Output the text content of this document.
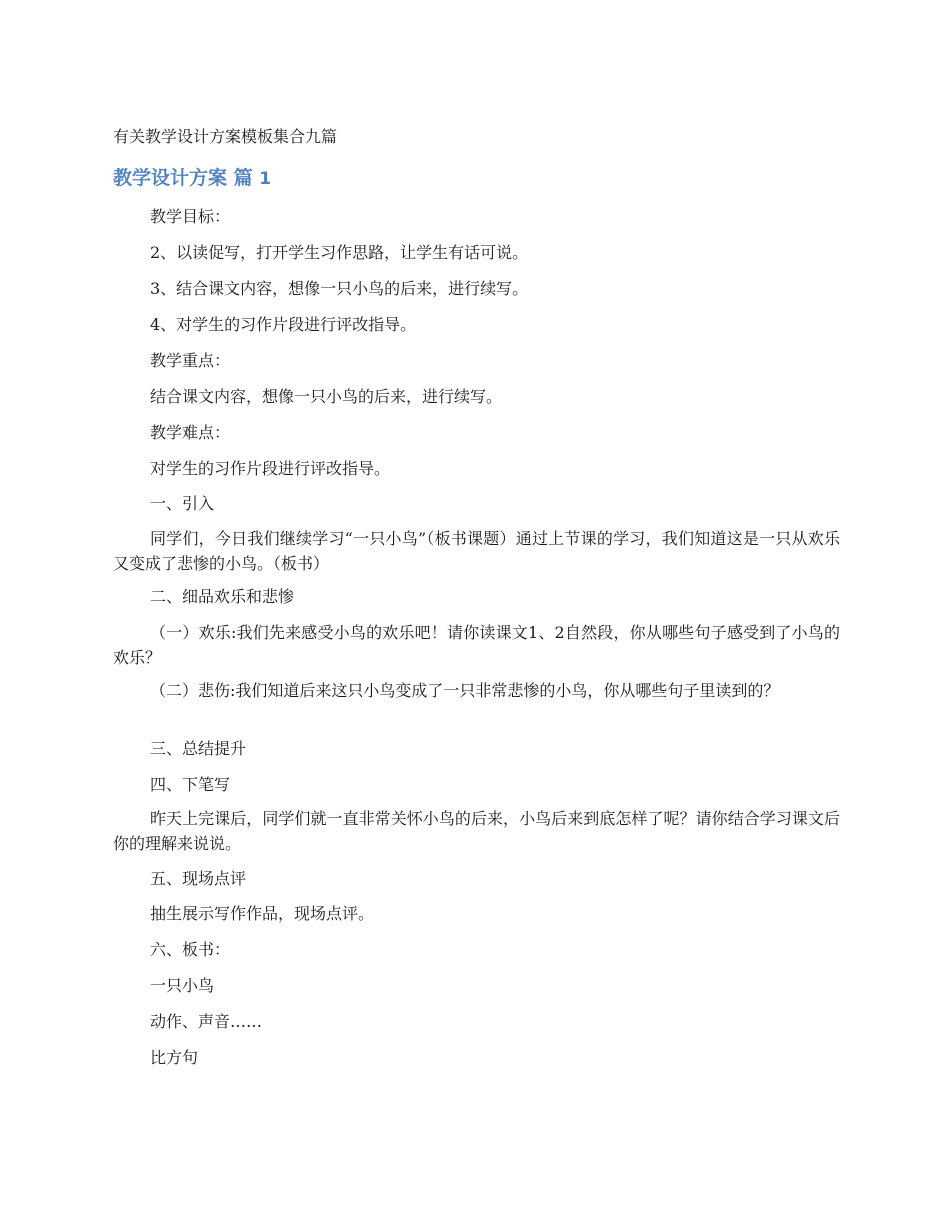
有关教学设计方案模板集合九篇
教学设计方案 篇 1
教学目标：
2、以读促写，打开学生习作思路，让学生有话可说。
3、结合课文内容，想像一只小鸟的后来，进行续写。
4、对学生的习作片段进行评改指导。
教学重点：
结合课文内容，想像一只小鸟的后来，进行续写。
教学难点：
对学生的习作片段进行评改指导。
一、引入
同学们，今日我们继续学习“一只小鸟”（板书课题）通过上节课的学习，我们知道这是一只从欢乐又变成了悲惨的小鸟。（板书）
二、细品欢乐和悲惨
（一）欢乐:我们先来感受小鸟的欢乐吧！请你读课文1、2自然段，你从哪些句子感受到了小鸟的欢乐？
（二）悲伤:我们知道后来这只小鸟变成了一只非常悲惨的小鸟，你从哪些句子里读到的？
三、总结提升
四、下笔写
昨天上完课后，同学们就一直非常关怀小鸟的后来，小鸟后来到底怎样了呢？请你结合学习课文后你的理解来说说。
五、现场点评
抽生展示写作作品，现场点评。
六、板书：
一只小鸟
动作、声音……
比方句
